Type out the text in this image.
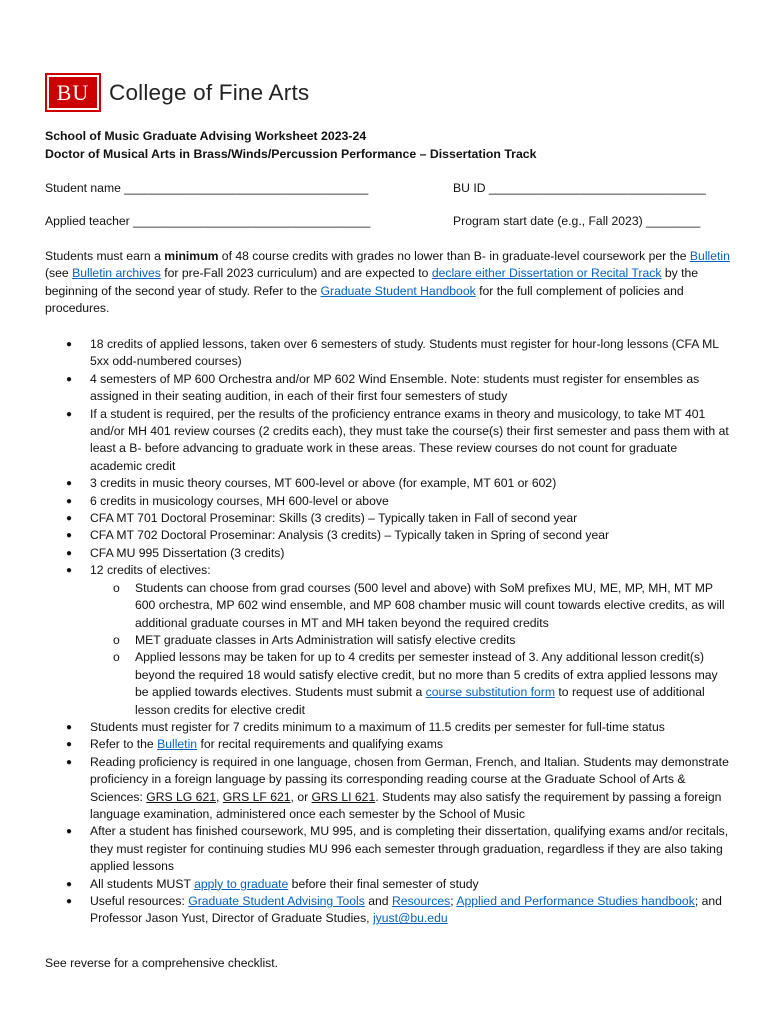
BU College of Fine Arts
School of Music Graduate Advising Worksheet 2023-24
Doctor of Musical Arts in Brass/Winds/Percussion Performance – Dissertation Track
Student name ____________________________________	BU ID ________________________________
Applied teacher ___________________________________	Program start date (e.g., Fall 2023) ________
Students must earn a minimum of 48 course credits with grades no lower than B- in graduate-level coursework per the Bulletin (see Bulletin archives for pre-Fall 2023 curriculum) and are expected to declare either Dissertation or Recital Track by the beginning of the second year of study. Refer to the Graduate Student Handbook for the full complement of policies and procedures.
● 18 credits of applied lessons, taken over 6 semesters of study. Students must register for hour-long lessons (CFA ML 5xx odd-numbered courses)
● 4 semesters of MP 600 Orchestra and/or MP 602 Wind Ensemble. Note: students must register for ensembles as assigned in their seating audition, in each of their first four semesters of study
● If a student is required, per the results of the proficiency entrance exams in theory and musicology, to take MT 401 and/or MH 401 review courses (2 credits each), they must take the course(s) their first semester and pass them with at least a B- before advancing to graduate work in these areas. These review courses do not count for graduate academic credit
● 3 credits in music theory courses, MT 600-level or above (for example, MT 601 or 602)
● 6 credits in musicology courses, MH 600-level or above
● CFA MT 701 Doctoral Proseminar: Skills (3 credits) – Typically taken in Fall of second year
● CFA MT 702 Doctoral Proseminar: Analysis (3 credits) – Typically taken in Spring of second year
● CFA MU 995 Dissertation (3 credits)
● 12 credits of electives:
o Students can choose from grad courses (500 level and above) with SoM prefixes MU, ME, MP, MH, MT MP 600 orchestra, MP 602 wind ensemble, and MP 608 chamber music will count towards elective credits, as will additional graduate courses in MT and MH taken beyond the required credits
o MET graduate classes in Arts Administration will satisfy elective credits
o Applied lessons may be taken for up to 4 credits per semester instead of 3. Any additional lesson credit(s) beyond the required 18 would satisfy elective credit, but no more than 5 credits of extra applied lessons may be applied towards electives. Students must submit a course substitution form to request use of additional lesson credits for elective credit
● Students must register for 7 credits minimum to a maximum of 11.5 credits per semester for full-time status
● Refer to the Bulletin for recital requirements and qualifying exams
● Reading proficiency is required in one language, chosen from German, French, and Italian. Students may demonstrate proficiency in a foreign language by passing its corresponding reading course at the Graduate School of Arts & Sciences: GRS LG 621, GRS LF 621, or GRS LI 621. Students may also satisfy the requirement by passing a foreign language examination, administered once each semester by the School of Music
● After a student has finished coursework, MU 995, and is completing their dissertation, qualifying exams and/or recitals, they must register for continuing studies MU 996 each semester through graduation, regardless if they are also taking applied lessons
● All students MUST apply to graduate before their final semester of study
● Useful resources: Graduate Student Advising Tools and Resources; Applied and Performance Studies handbook; and Professor Jason Yust, Director of Graduate Studies, jyust@bu.edu
See reverse for a comprehensive checklist.
